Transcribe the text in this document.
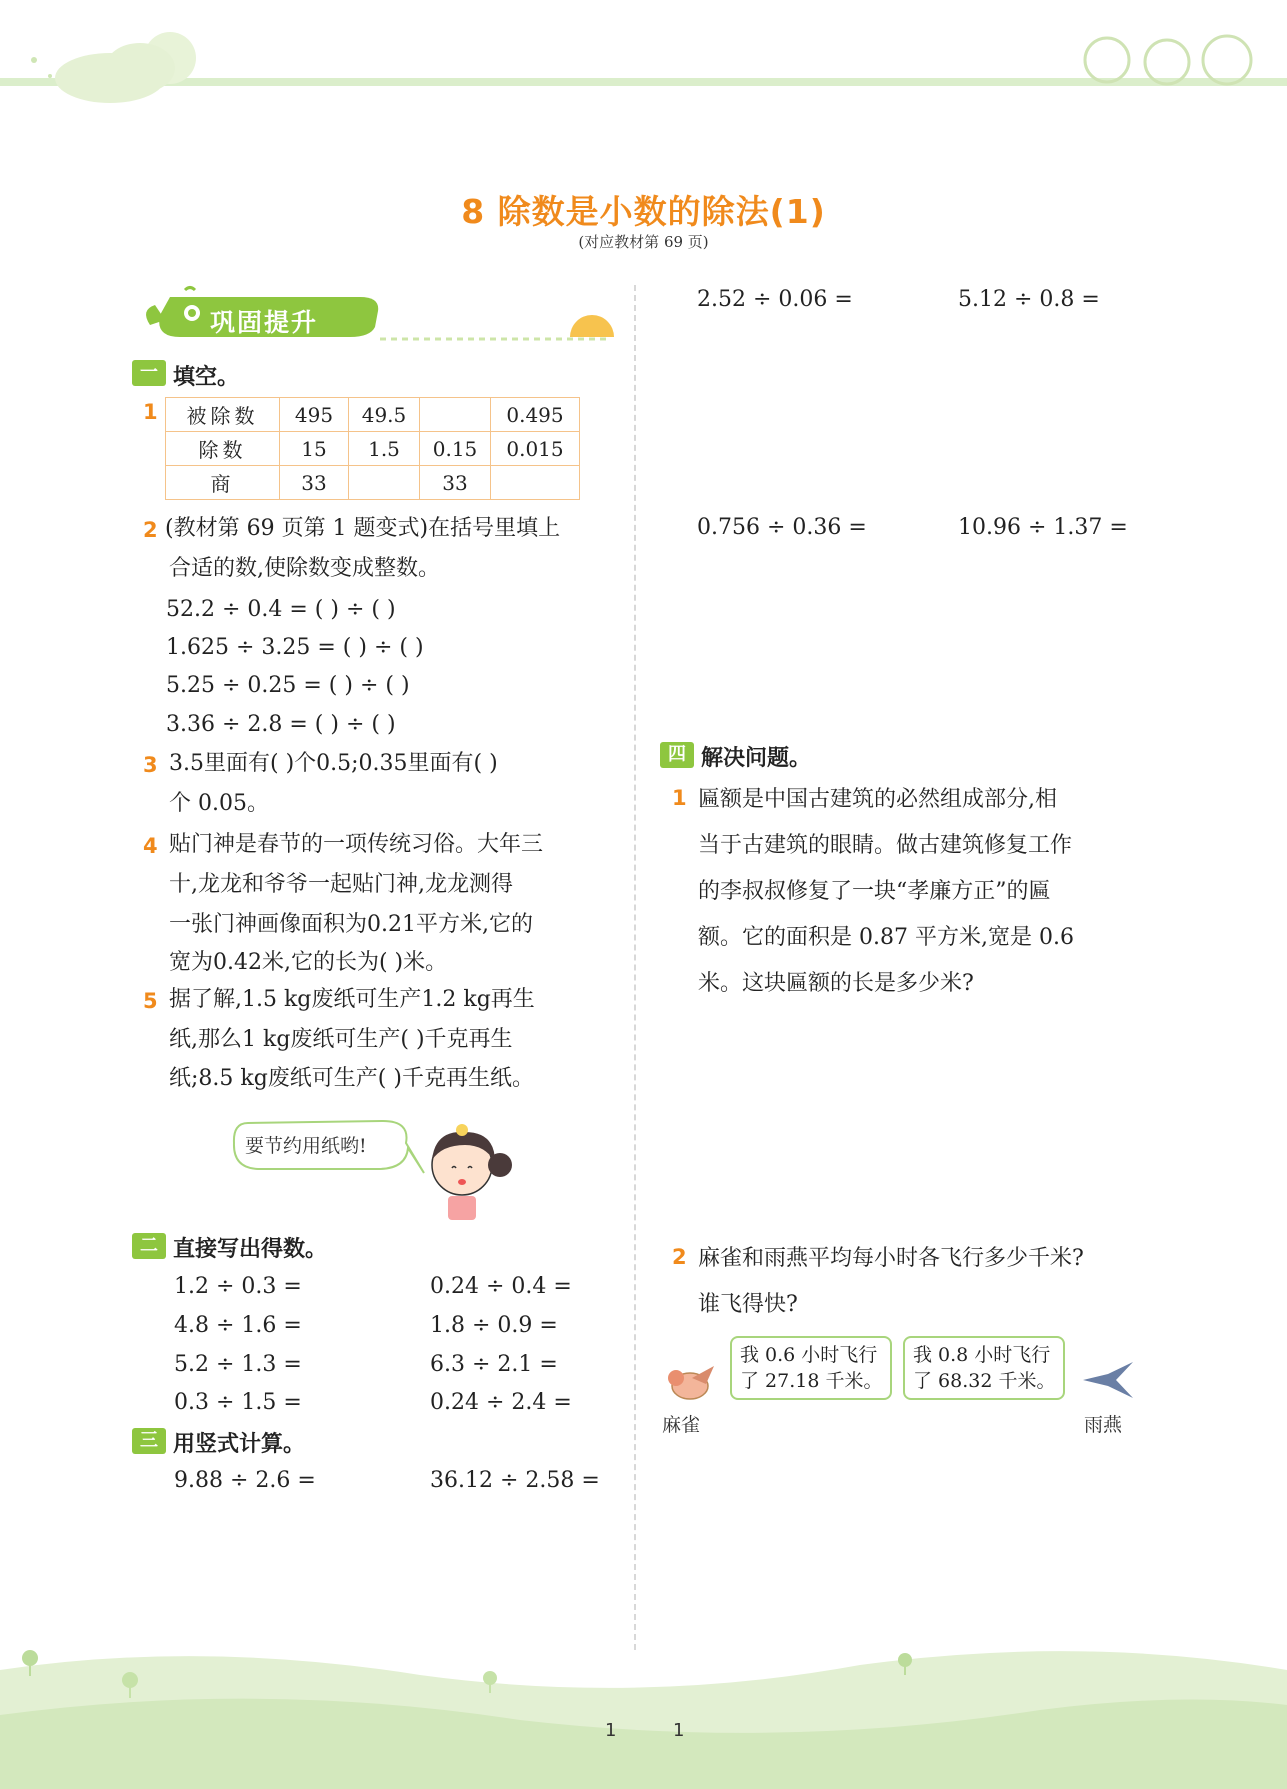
8 除数是小数的除法(1)
(对应教材第 69 页)
巩固提升
一 填空。
1 被除数	495	49.5		0.495
除数	15	1.5	0.15	0.015
商	33		33	
2 (教材第 69 页第 1 题变式)在括号里填上
合适的数,使除数变成整数。
52.2 ÷ 0.4 = ( ) ÷ ( )
1.625 ÷ 3.25 = ( ) ÷ ( )
5.25 ÷ 0.25 = ( ) ÷ ( )
3.36 ÷ 2.8 = ( ) ÷ ( )
3 3.5里面有( )个0.5;0.35里面有( )
个 0.05。
4 贴门神是春节的一项传统习俗。大年三
十,龙龙和爷爷一起贴门神,龙龙测得
一张门神画像面积为0.21平方米,它的
宽为0.42米,它的长为( )米。
5 据了解,1.5 kg废纸可生产1.2 kg再生
纸,那么1 kg废纸可生产( )千克再生
纸;8.5 kg废纸可生产( )千克再生纸。
要节约用纸哟!
二 直接写出得数。
1.2 ÷ 0.3 =	0.24 ÷ 0.4 =
4.8 ÷ 1.6 =	1.8 ÷ 0.9 =
5.2 ÷ 1.3 =	6.3 ÷ 2.1 =
0.3 ÷ 1.5 =	0.24 ÷ 2.4 =
三 用竖式计算。
9.88 ÷ 2.6 =	36.12 ÷ 2.58 =
2.52 ÷ 0.06 =	5.12 ÷ 0.8 =
0.756 ÷ 0.36 =	10.96 ÷ 1.37 =
四 解决问题。
1 匾额是中国古建筑的必然组成部分,相
当于古建筑的眼睛。做古建筑修复工作
的李叔叔修复了一块“孝廉方正”的匾
额。它的面积是 0.87 平方米,宽是 0.6
米。这块匾额的长是多少米?
2 麻雀和雨燕平均每小时各飞行多少千米?
谁飞得快?
我 0.6 小时飞行
了 27.18 千米。
我 0.8 小时飞行
了 68.32 千米。
麻雀	雨燕
1	1
